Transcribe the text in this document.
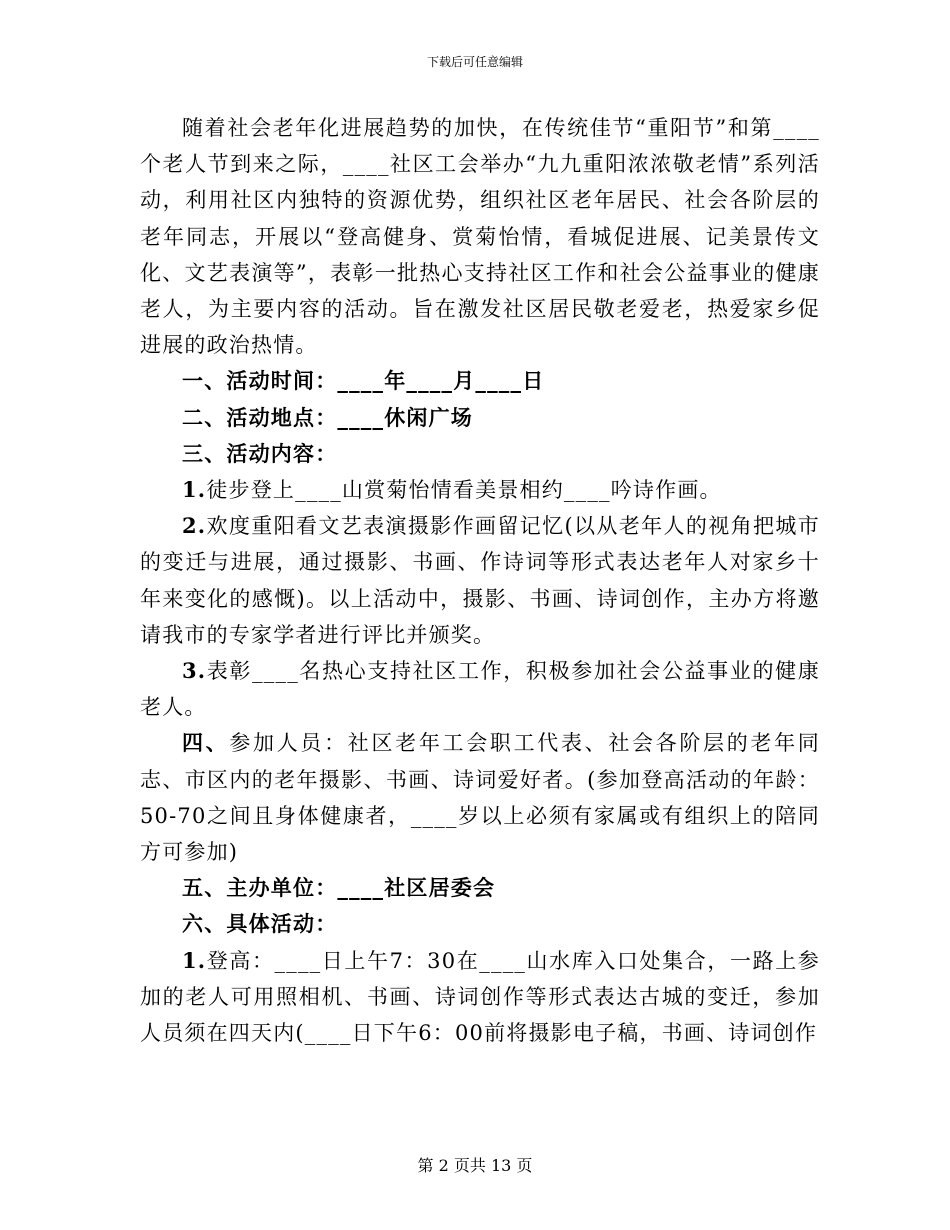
下载后可任意编辑

随着社会老年化进展趋势的加快，在传统佳节“重阳节”和第____个老人节到来之际，____社区工会举办“九九重阳浓浓敬老情”系列活动，利用社区内独特的资源优势，组织社区老年居民、社会各阶层的老年同志，开展以“登高健身、赏菊怡情，看城促进展、记美景传文化、文艺表演等”，表彰一批热心支持社区工作和社会公益事业的健康老人，为主要内容的活动。旨在激发社区居民敬老爱老，热爱家乡促进展的政治热情。

一、活动时间：____年____月____日

二、活动地点：____休闲广场

三、活动内容：

1.徒步登上____山赏菊怡情看美景相约____吟诗作画。

2.欢度重阳看文艺表演摄影作画留记忆(以从老年人的视角把城市的变迁与进展，通过摄影、书画、作诗词等形式表达老年人对家乡十年来变化的感慨)。以上活动中，摄影、书画、诗词创作，主办方将邀请我市的专家学者进行评比并颁奖。

3.表彰____名热心支持社区工作，积极参加社会公益事业的健康老人。

四、参加人员：社区老年工会职工代表、社会各阶层的老年同志、市区内的老年摄影、书画、诗词爱好者。(参加登高活动的年龄：50-70之间且身体健康者，____岁以上必须有家属或有组织上的陪同方可参加)

五、主办单位：____社区居委会

六、具体活动：

1.登高：____日上午7：30在____山水库入口处集合，一路上参加的老人可用照相机、书画、诗词创作等形式表达古城的变迁，参加人员须在四天内(____日下午6：00前将摄影电子稿，书画、诗词创作

第 2 页共 13 页
